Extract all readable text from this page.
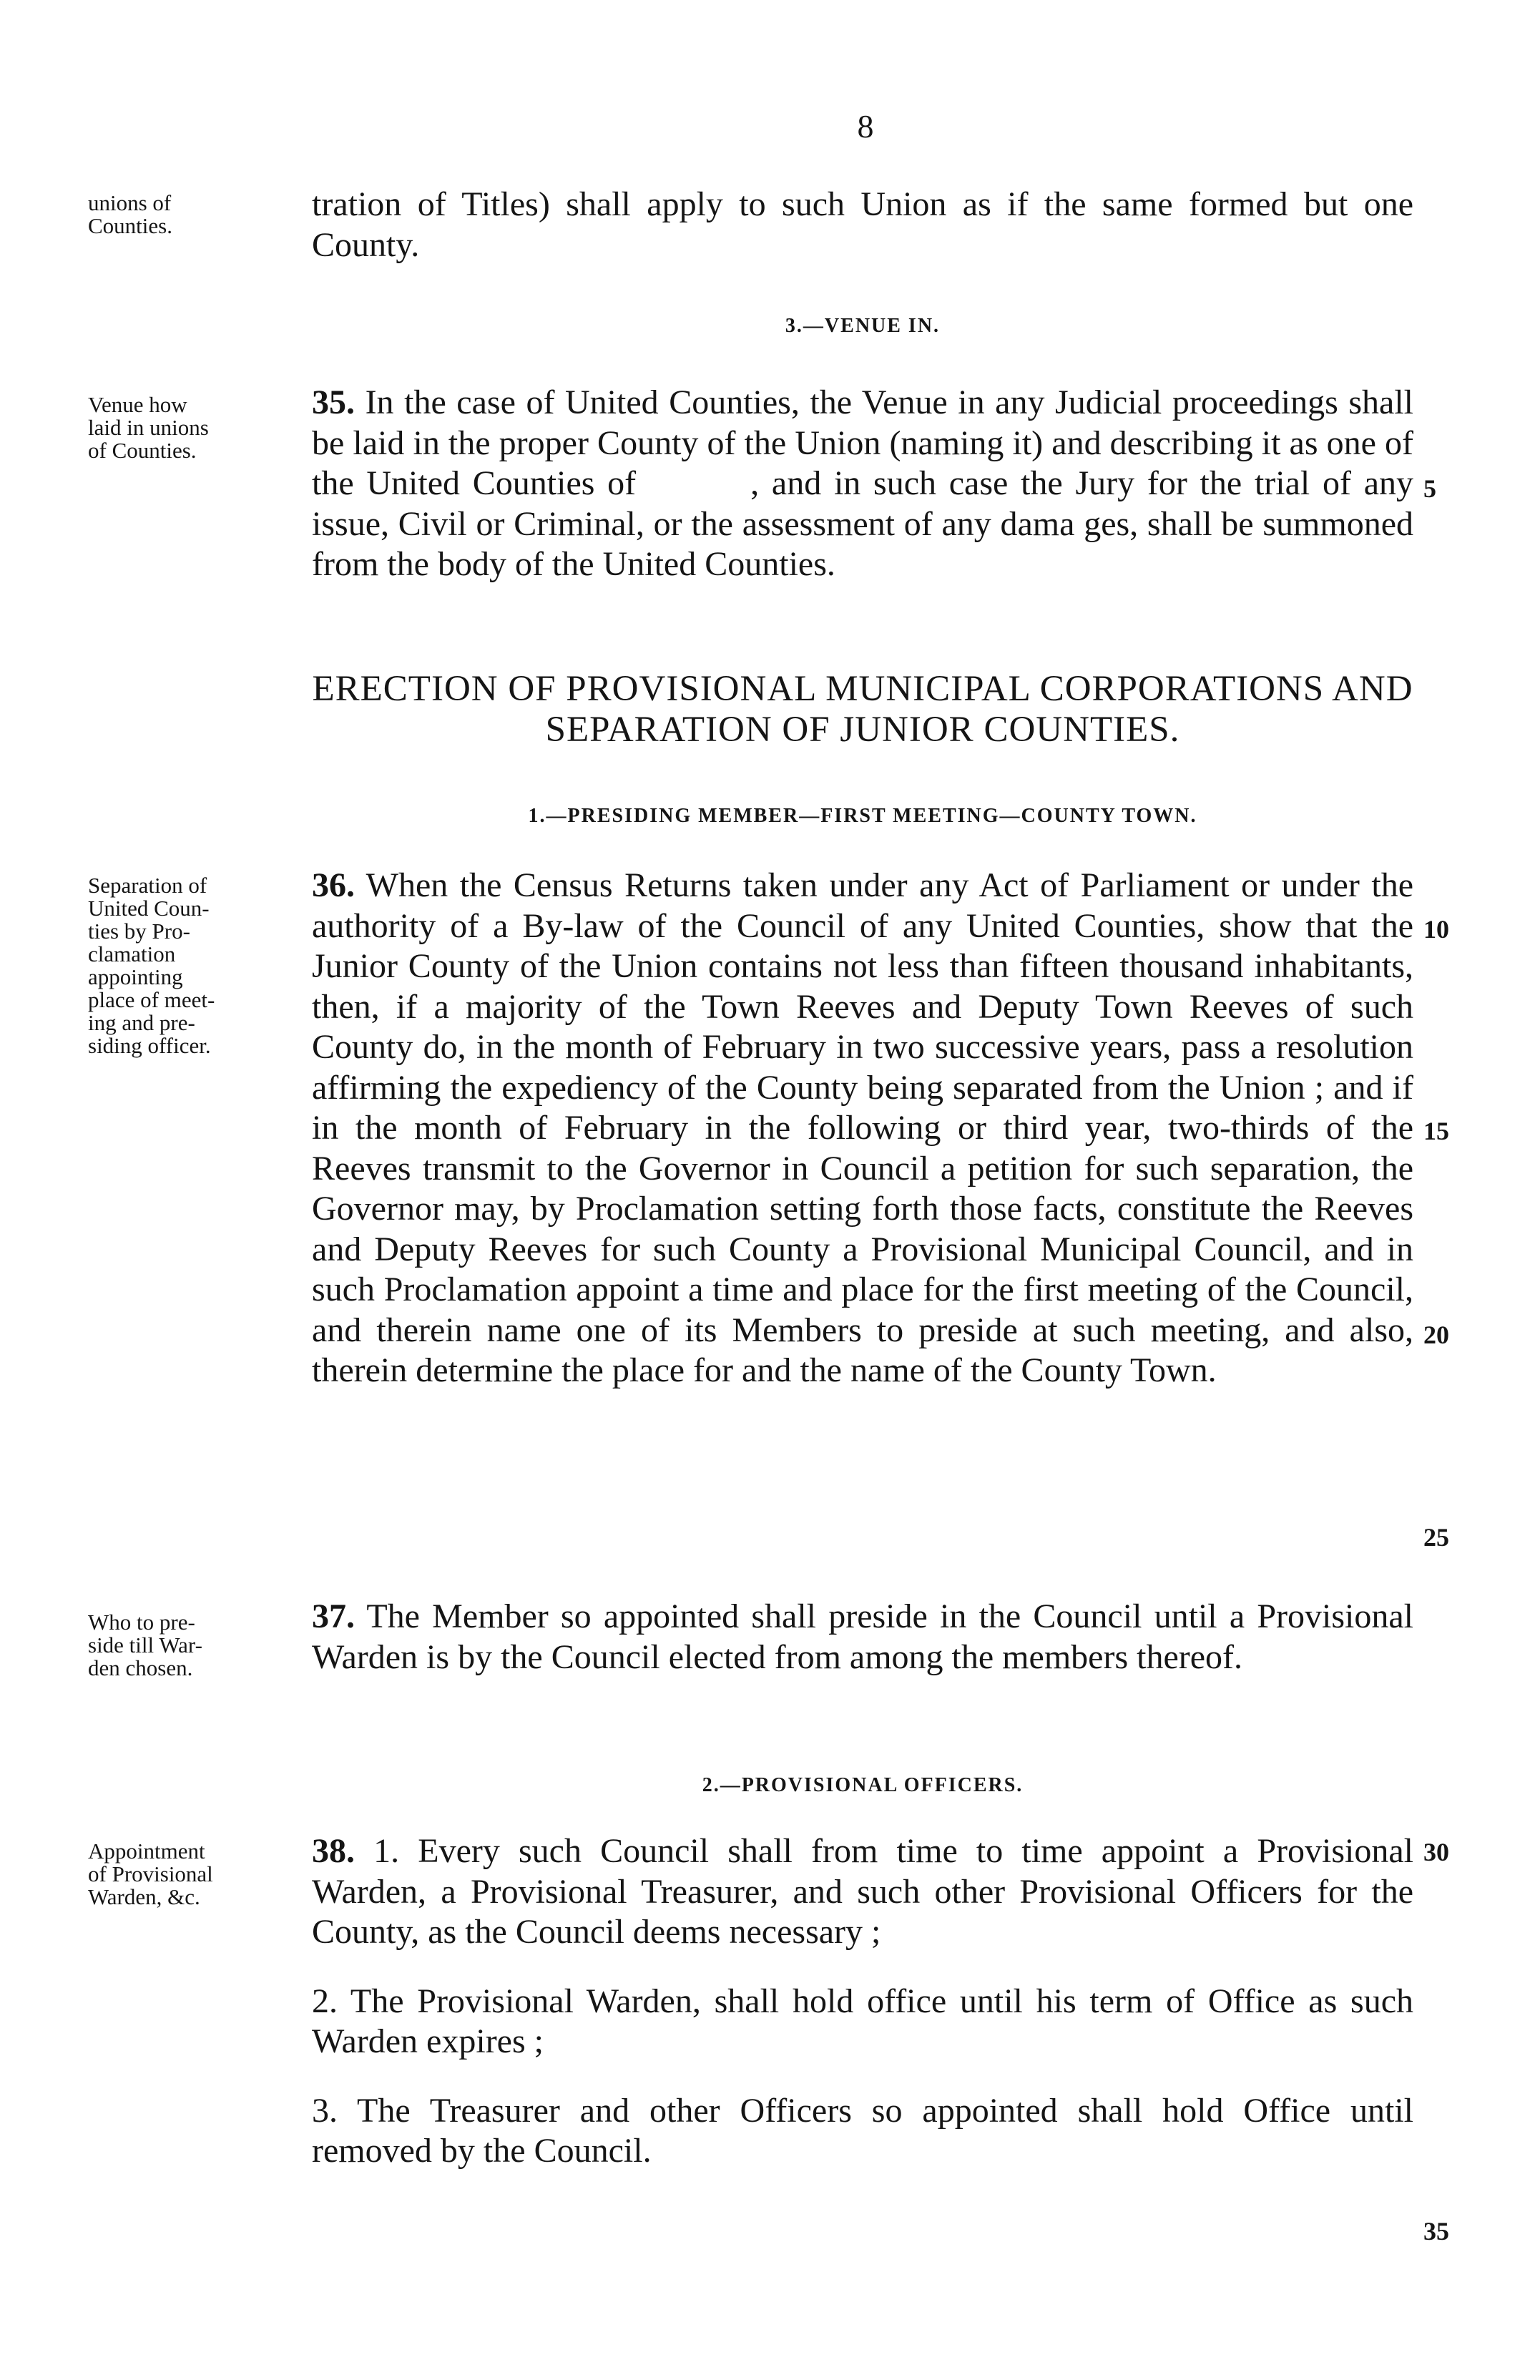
8
unions of
Counties.
Venue how
laid in unions
of Counties.
Separation of
United Coun-
ties by Pro-
clamation
appointing
place of meet-
ing and pre-
siding officer.
Who to pre-
side till War-
den chosen.
Appointment
of Provisional
Warden, &c.
5
10
15
20
25
30
35
tration of Titles) shall apply to such Union as if the same formed but one County.
3.—VENUE IN.
35. In the case of United Counties, the Venue in any Judicial proceedings shall be laid in the proper County of the Union (naming it) and describing it as one of the United Counties of	, and in such case the Jury for the trial of any issue, Civil or Criminal, or the assessment of any dama ges, shall be summoned from the body of the United Counties.
ERECTION OF PROVISIONAL MUNICIPAL CORPORATIONS AND SEPARATION OF JUNIOR COUNTIES.
1.—PRESIDING MEMBER—FIRST MEETING—COUNTY TOWN.
36. When the Census Returns taken under any Act of Parliament or under the authority of a By-law of the Council of any United Counties, show that the Junior County of the Union contains not less than fifteen thousand inhabitants, then, if a majority of the Town Reeves and Deputy Town Reeves of such County do, in the month of February in two successive years, pass a resolution affirming the expediency of the County being separated from the Union ; and if in the month of February in the following or third year, two-thirds of the Reeves transmit to the Governor in Council a petition for such separation, the Governor may, by Proclamation setting forth those facts, constitute the Reeves and Deputy Reeves for such County a Provisional Municipal Council, and in such Proclamation appoint a time and place for the first meeting of the Council, and therein name one of its Members to preside at such meeting, and also, therein determine the place for and the name of the County Town.
37. The Member so appointed shall preside in the Council until a Provisional Warden is by the Council elected from among the members thereof.
2.—PROVISIONAL OFFICERS.
38. 1. Every such Council shall from time to time appoint a Provisional Warden, a Provisional Treasurer, and such other Provisional Officers for the County, as the Council deems necessary ;
2. The Provisional Warden, shall hold office until his term of Office as such Warden expires ;
3. The Treasurer and other Officers so appointed shall hold Office until removed by the Council.
